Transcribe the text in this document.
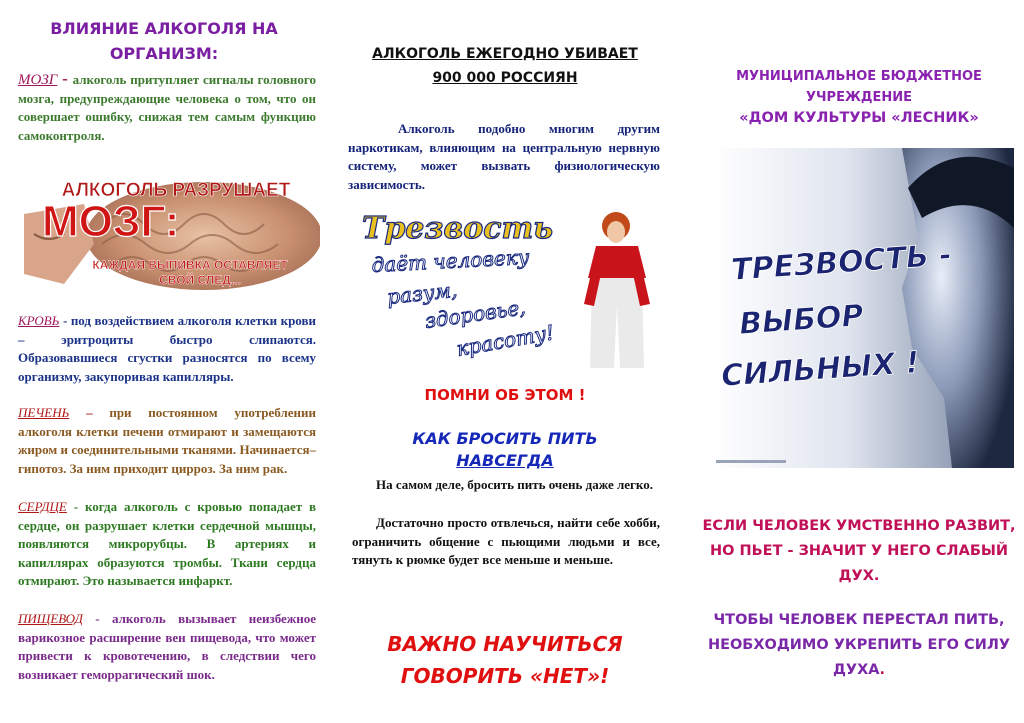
ВЛИЯНИЕ АЛКОГОЛЯ НА ОРГАНИЗМ:

МОЗГ - алкоголь притупляет сигналы головного мозга, предупреждающие человека о том, что он совершает ошибку, снижая тем самым функцию самоконтроля.

АЛКОГОЛЬ РАЗРУШАЕТ
МОЗГ:
КАЖДАЯ ВЫПИВКА ОСТАВЛЯЕТ
СВОЙ СЛЕД...

КРОВЬ - под воздействием алкоголя клетки крови – эритроциты быстро слипаются. Образовавшиеся сгустки разносятся по всему организму, закупоривая капилляры.

ПЕЧЕНЬ – при постоянном употреблении алкоголя клетки печени отмирают и замещаются жиром и соединительными тканями. Начинается– гипотоз. За ним приходит цирроз. За ним рак.

СЕРДЦЕ - когда алкоголь с кровью попадает в сердце, он разрушает клетки сердечной мышцы, появляются микрорубцы. В артериях и капиллярах образуются тромбы. Ткани сердца отмирают. Это называется инфаркт.

ПИЩЕВОД - алкоголь вызывает неизбежное варикозное расширение вен пищевода, что может привести к кровотечению, в следствии чего возникает геморрагический шок.

АЛКОГОЛЬ ЕЖЕГОДНО УБИВАЕТ
900 000 РОССИЯН

Алкоголь подобно многим другим наркотикам, влияющим на центральную нервную систему, может вызвать физиологическую зависимость.

Трезвость
даёт человеку
разум,
здоровье,
красоту!
ПОМНИ ОБ ЭТОМ !
КАК БРОСИТЬ ПИТЬ
НАВСЕГДА

На самом деле, бросить пить очень даже легко.

Достаточно просто отвлечься, найти себе хобби, ограничить общение с пьющими людьми и все, тянуть к рюмке будет все меньше и меньше.

ВАЖНО НАУЧИТЬСЯ
ГОВОРИТЬ «НЕТ»!
МУНИЦИПАЛЬНОЕ БЮДЖЕТНОЕ
УЧРЕЖДЕНИЕ
«ДОМ КУЛЬТУРЫ «ЛЕСНИК»
ТРЕЗВОСТЬ -
ВЫБОР
СИЛЬНЫХ !
ЕСЛИ ЧЕЛОВЕК УМСТВЕННО РАЗВИТ, НО ПЬЕТ - ЗНАЧИТ У НЕГО СЛАБЫЙ ДУХ.
ЧТОБЫ ЧЕЛОВЕК ПЕРЕСТАЛ ПИТЬ, НЕОБХОДИМО УКРЕПИТЬ ЕГО СИЛУ ДУХА.
